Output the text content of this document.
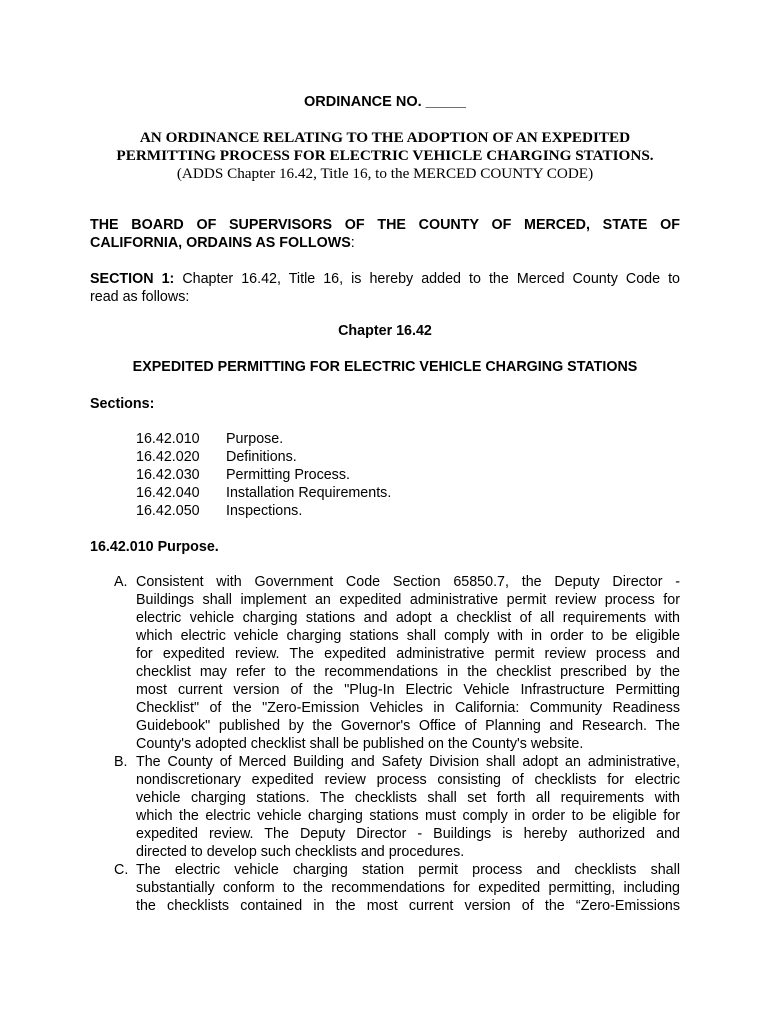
ORDINANCE NO. _____
AN ORDINANCE RELATING TO THE ADOPTION OF AN EXPEDITED
PERMITTING PROCESS FOR ELECTRIC VEHICLE CHARGING STATIONS.
(ADDS Chapter 16.42, Title 16, to the MERCED COUNTY CODE)
THE BOARD OF SUPERVISORS OF THE COUNTY OF MERCED, STATE OF
CALIFORNIA, ORDAINS AS FOLLOWS:
SECTION 1: Chapter 16.42, Title 16, is hereby added to the Merced County Code to
read as follows:
Chapter 16.42
EXPEDITED PERMITTING FOR ELECTRIC VEHICLE CHARGING STATIONS
Sections:
16.42.010	Purpose.
16.42.020	Definitions.
16.42.030	Permitting Process.
16.42.040	Installation Requirements.
16.42.050	Inspections.
16.42.010 Purpose.
A. Consistent with Government Code Section 65850.7, the Deputy Director -
Buildings shall implement an expedited administrative permit review process for
electric vehicle charging stations and adopt a checklist of all requirements with
which electric vehicle charging stations shall comply with in order to be eligible
for expedited review. The expedited administrative permit review process and
checklist may refer to the recommendations in the checklist prescribed by the
most current version of the "Plug-In Electric Vehicle Infrastructure Permitting
Checklist" of the "Zero-Emission Vehicles in California: Community Readiness
Guidebook" published by the Governor's Office of Planning and Research. The
County's adopted checklist shall be published on the County's website.
B. The County of Merced Building and Safety Division shall adopt an administrative,
nondiscretionary expedited review process consisting of checklists for electric
vehicle charging stations. The checklists shall set forth all requirements with
which the electric vehicle charging stations must comply in order to be eligible for
expedited review. The Deputy Director - Buildings is hereby authorized and
directed to develop such checklists and procedures.
C. The electric vehicle charging station permit process and checklists shall
substantially conform to the recommendations for expedited permitting, including
the checklists contained in the most current version of the “Zero-Emissions
